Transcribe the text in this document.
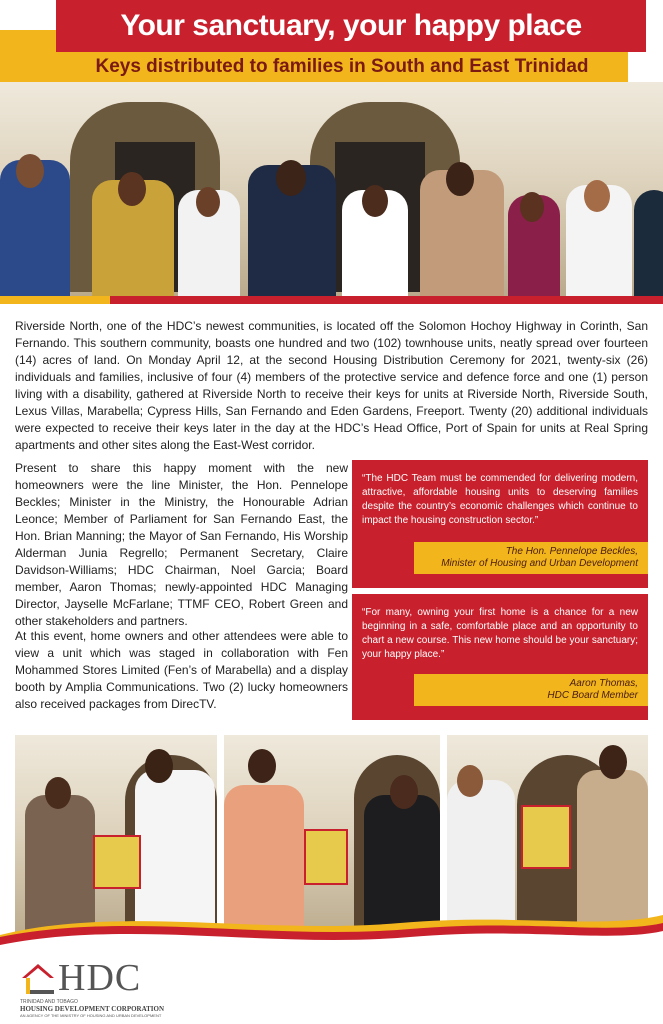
Your sanctuary, your happy place
Keys distributed to families in South and East Trinidad

Riverside North, one of the HDC’s newest communities, is located off the Solomon Hochoy Highway in Corinth, San Fernando. This southern community, boasts one hundred and two (102) townhouse units, neatly spread over fourteen (14) acres of land. On Monday April 12, at the second Housing Distribution Ceremony for 2021, twenty-six (26) individuals and families, inclusive of four (4) members of the protective service and defence force and one (1) person living with a disability, gathered at Riverside North to receive their keys for units at Riverside North, Riverside South, Lexus Villas, Marabella; Cypress Hills, San Fernando and Eden Gardens, Freeport. Twenty (20) additional individuals were expected to receive their keys later in the day at the HDC’s Head Office, Port of Spain for units at Real Spring apartments and other sites along the East-West corridor.

Present to share this happy moment with the new homeowners were the line Minister, the Hon. Pennelope Beckles; Minister in the Ministry, the Honourable Adrian Leonce; Member of Parliament for San Fernando East, the Hon. Brian Manning; the Mayor of San Fernando, His Worship Alderman Junia Regrello; Permanent Secretary, Claire Davidson-Williams; HDC Chairman, Noel Garcia; Board member, Aaron Thomas; newly-appointed HDC Managing Director, Jayselle McFarlane; TTMF CEO, Robert Green and other stakeholders and partners.

At this event, home owners and other attendees were able to view a unit which was staged in collaboration with Fen Mohammed Stores Limited (Fen’s of Marabella) and a display booth by Amplia Communications. Two (2) lucky homeowners also received packages from DirecTV.

“The HDC Team must be commended for delivering modern, attractive, affordable housing units to deserving families despite the country’s economic challenges which continue to impact the housing construction sector.”

The Hon. Pennelope Beckles,
Minister of Housing and Urban Development

“For many, owning your first home is a chance for a new beginning in a safe, comfortable place and an opportunity to chart a new course. This new home should be your sanctuary; your happy place.”

Aaron Thomas,
HDC Board Member
HDC
TRINIDAD AND TOBAGO
HOUSING DEVELOPMENT CORPORATION
AN AGENCY OF THE MINISTRY OF HOUSING AND URBAN DEVELOPMENT
